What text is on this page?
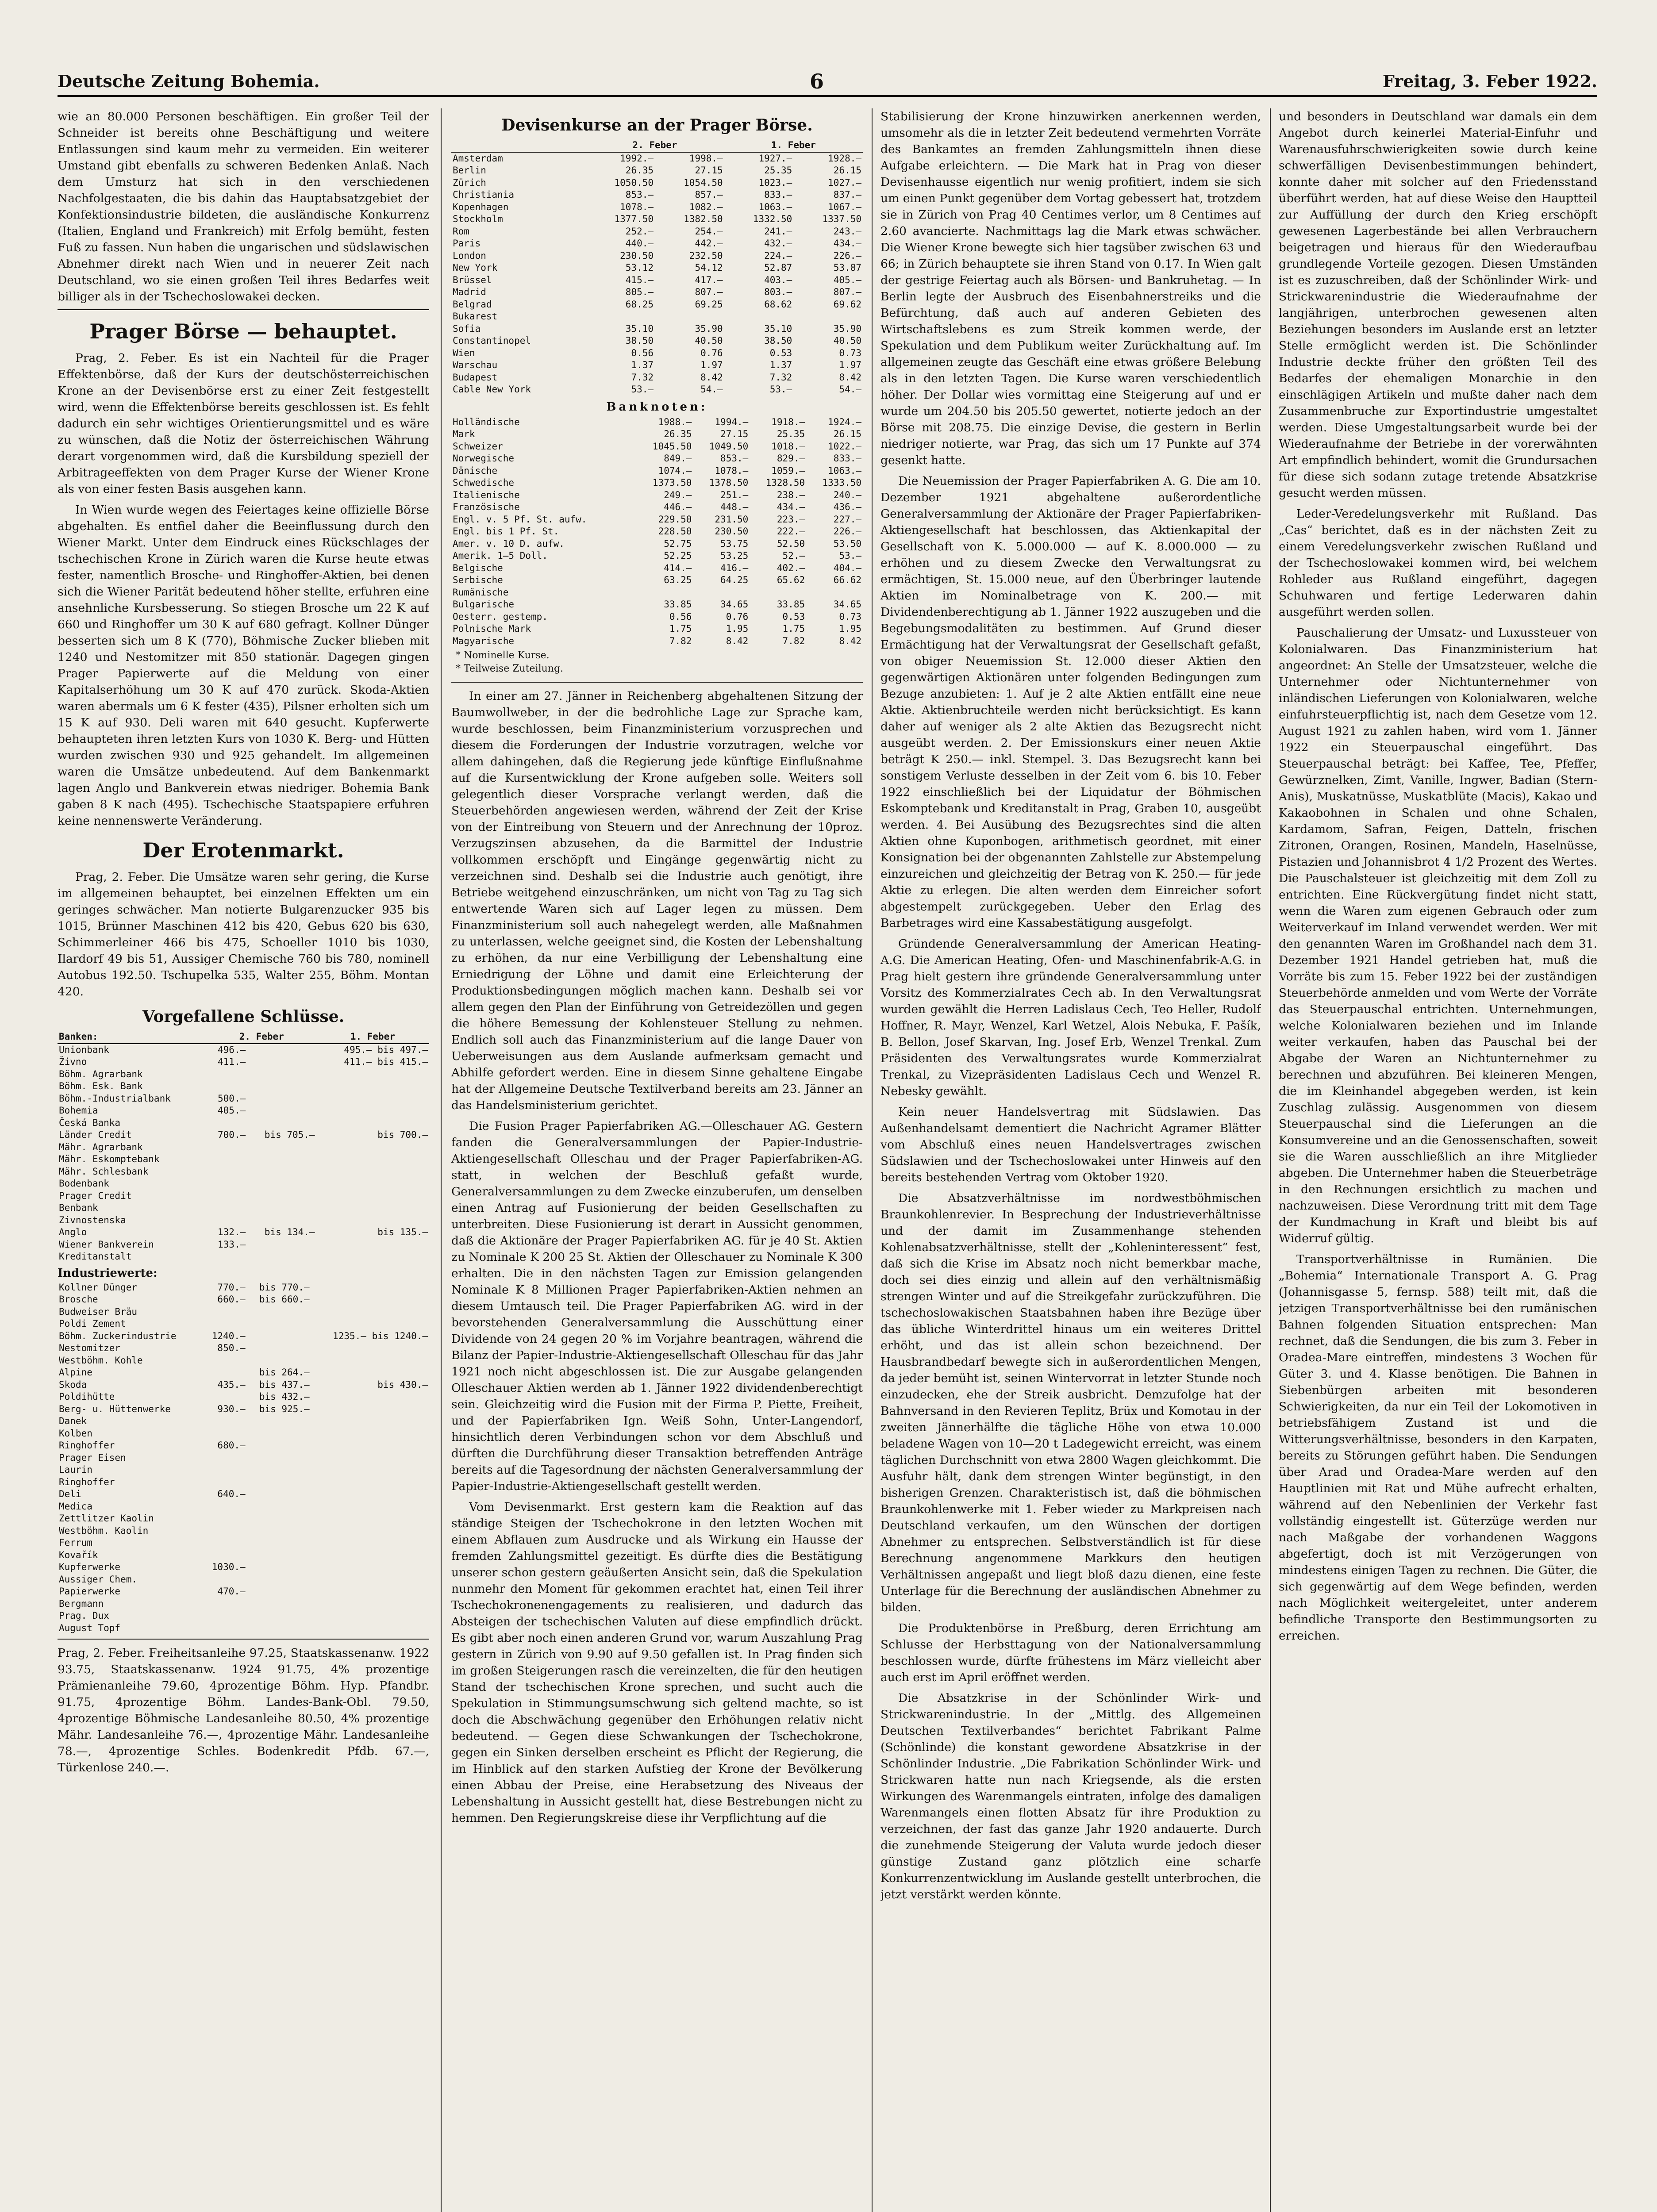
Deutsche Zeitung Bohemia.	6	Freitag, 3. Feber 1922.

wie an 80.000 Personen beschäftigen. Ein großer Teil der Schneider ist bereits ohne Beschäftigung und weitere Entlassungen sind kaum mehr zu vermeiden. Ein weiterer Umstand gibt ebenfalls zu schweren Bedenken Anlaß. Nach dem Umsturz hat sich in den verschiedenen Nachfolgestaaten, die bis dahin das Hauptabsatzgebiet der Konfektionsindustrie bildeten, die ausländische Konkurrenz (Italien, England und Frankreich) mit Erfolg bemüht, festen Fuß zu fassen. Nun haben die ungarischen und südslawischen Abnehmer direkt nach Wien und in neuerer Zeit nach Deutschland, wo sie einen großen Teil ihres Bedarfes weit billiger als in der Tschechoslowakei decken.

Prager Börse — behauptet.

Prag, 2. Feber. Es ist ein Nachteil für die Prager Effektenbörse, daß der Kurs der deutschösterreichischen Krone an der Devisenbörse erst zu einer Zeit festgestellt wird, wenn die Effektenbörse bereits geschlossen ist. Es fehlt dadurch ein sehr wichtiges Orientierungsmittel und es wäre zu wünschen, daß die Notiz der österreichischen Währung derart vorgenommen wird, daß die Kursbildung speziell der Arbitrageeffekten von dem Prager Kurse der Wiener Krone als von einer festen Basis ausgehen kann.

In Wien wurde wegen des Feiertages keine offizielle Börse abgehalten. Es entfiel daher die Beeinflussung durch den Wiener Markt. Unter dem Eindruck eines Rückschlages der tschechischen Krone in Zürich waren die Kurse heute etwas fester, namentlich Brosche- und Ringhoffer-Aktien, bei denen sich die Wiener Parität bedeutend höher stellte, erfuhren eine ansehnliche Kursbesserung. So stiegen Brosche um 22 K auf 660 und Ringhoffer um 30 K auf 680 gefragt. Kollner Dünger besserten sich um 8 K (770), Böhmische Zucker blieben mit 1240 und Nestomitzer mit 850 stationär. Dagegen gingen Prager Papierwerte auf die Meldung von einer Kapitalserhöhung um 30 K auf 470 zurück. Skoda-Aktien waren abermals um 6 K fester (435), Pilsner erholten sich um 15 K auf 930. Deli waren mit 640 gesucht. Kupferwerte behaupteten ihren letzten Kurs von 1030 K. Berg- und Hütten wurden zwischen 930 und 925 gehandelt. Im allgemeinen waren die Umsätze unbedeutend. Auf dem Bankenmarkt lagen Anglo und Bankverein etwas niedriger. Bohemia Bank gaben 8 K nach (495). Tschechische Staatspapiere erfuhren keine nennenswerte Veränderung.

Der Erotenmarkt.

Prag, 2. Feber. Die Umsätze waren sehr gering, die Kurse im allgemeinen behauptet, bei einzelnen Effekten um ein geringes schwächer. Man notierte Bulgarenzucker 935 bis 1015, Brünner Maschinen 412 bis 420, Gebus 620 bis 630, Schimmerleiner 466 bis 475, Schoeller 1010 bis 1030, Ilardorf 49 bis 51, Aussiger Chemische 760 bis 780, nominell Autobus 192.50. Tschupelka 535, Walter 255, Böhm. Montan 420.

Vorgefallene Schlüsse.
Banken:	2. Feber		1. Feber
Unionbank	496.—		495.— bis 497.—
Živno	411.—		411.— bis 415.—
Böhm. Agrarbank			
Böhm. Esk. Bank			
Böhm.-Industrialbank	500.—		
Bohemia	405.—		
Česká Banka			
Länder Credit	700.—	bis 705.—	bis 700.—
Mähr. Agrarbank			
Mähr. Eskomptebank			
Mähr. Schlesbank			
Bodenbank			
Prager Credit			
Benbank			
Zivnostenska			
Anglo	132.—	bis 134.—	bis 135.—
Wiener Bankverein	133.—		
Kreditanstalt			
Industriewerte:
Kollner Dünger	770.—	bis 770.—	
Brosche	660.—	bis 660.—	
Budweiser Bräu			
Poldi Zement			
Böhm. Zuckerindustrie	1240.—		1235.— bis 1240.—
Nestomitzer	850.—		
Westböhm. Kohle			
Alpine		bis 264.—	
Skoda	435.—	bis 437.—	bis 430.—
Poldihütte		bis 432.—	
Berg- u. Hüttenwerke	930.—	bis 925.—	
Danek			
Kolben			
Ringhoffer	680.—		
Prager Eisen			
Laurin			
Ringhoffer			
Deli	640.—		
Medica			
Zettlitzer Kaolin			
Westböhm. Kaolin			
Ferrum			
Kovařík			
Kupferwerke	1030.—		
Aussiger Chem.			
Papierwerke	470.—		
Bergmann			
Prag. Dux			
August Topf			

Prag, 2. Feber. Freiheitsanleihe 97.25, Staatskassenanw. 1922 93.75, Staatskassenanw. 1924 91.75, 4% prozentige Prämienanleihe 79.60, 4prozentige Böhm. Hyp. Pfandbr. 91.75, 4prozentige Böhm. Landes-Bank-Obl. 79.50, 4prozentige Böhmische Landesanleihe 80.50, 4% prozentige Mähr. Landesanleihe 76.—, 4prozentige Mähr. Landesanleihe 78.—, 4prozentige Schles. Bodenkredit Pfdb. 67.—, Türkenlose 240.—.

Devisenkurse an der Prager Börse.
	2. Feber		1. Feber	
Amsterdam	1992.—	1998.—	1927.—	1928.—
Berlin	26.35	27.15	25.35	26.15
Zürich	1050.50	1054.50	1023.—	1027.—
Christiania	853.—	857.—	833.—	837.—
Kopenhagen	1078.—	1082.—	1063.—	1067.—
Stockholm	1377.50	1382.50	1332.50	1337.50
Rom	252.—	254.—	241.—	243.—
Paris	440.—	442.—	432.—	434.—
London	230.50	232.50	224.—	226.—
New York	53.12	54.12	52.87	53.87
Brüssel	415.—	417.—	403.—	405.—
Madrid	805.—	807.—	803.—	807.—
Belgrad	68.25	69.25	68.62	69.62
Bukarest				
Sofia	35.10	35.90	35.10	35.90
Constantinopel	38.50	40.50	38.50	40.50
Wien	0.56	0.76	0.53	0.73
Warschau	1.37	1.97	1.37	1.97
Budapest	7.32	8.42	7.32	8.42
Cable New York	53.—	54.—	53.—	54.—
Banknoten:
Holländische	1988.—	1994.—	1918.—	1924.—
Mark	26.35	27.15	25.35	26.15
Schweizer	1045.50	1049.50	1018.—	1022.—
Norwegische	849.—	853.—	829.—	833.—
Dänische	1074.—	1078.—	1059.—	1063.—
Schwedische	1373.50	1378.50	1328.50	1333.50
Italienische	249.—	251.—	238.—	240.—
Französische	446.—	448.—	434.—	436.—
Engl. v. 5 Pf. St. aufw.	229.50	231.50	223.—	227.—
Engl. bis 1 Pf. St.	228.50	230.50	222.—	226.—
Amer. v. 10 D. aufw.	52.75	53.75	52.50	53.50
Amerik. 1—5 Doll.	52.25	53.25	52.—	53.—
Belgische	414.—	416.—	402.—	404.—
Serbische	63.25	64.25	65.62	66.62
Rumänische				
Bulgarische	33.85	34.65	33.85	34.65
Oesterr. gestemp.	0.56	0.76	0.53	0.73
Polnische Mark	1.75	1.95	1.75	1.95
Magyarische	7.82	8.42	7.82	8.42
* Nominelle Kurse.
* Teilweise Zuteilung.

In einer am 27. Jänner in Reichenberg abgehaltenen Sitzung der Baumwollweber, in der die bedrohliche Lage zur Sprache kam, wurde beschlossen, beim Finanzministerium vorzusprechen und diesem die Forderungen der Industrie vorzutragen, welche vor allem dahingehen, daß die Regierung jede künftige Einflußnahme auf die Kursentwicklung der Krone aufgeben solle. Weiters soll gelegentlich dieser Vorsprache verlangt werden, daß die Steuerbehörden angewiesen werden, während der Zeit der Krise von der Eintreibung von Steuern und der Anrechnung der 10proz. Verzugszinsen abzusehen, da die Barmittel der Industrie vollkommen erschöpft und Eingänge gegenwärtig nicht zu verzeichnen sind. Deshalb sei die Industrie auch genötigt, ihre Betriebe weitgehend einzuschränken, um nicht von Tag zu Tag sich entwertende Waren sich auf Lager legen zu müssen. Dem Finanzministerium soll auch nahegelegt werden, alle Maßnahmen zu unterlassen, welche geeignet sind, die Kosten der Lebenshaltung zu erhöhen, da nur eine Verbilligung der Lebenshaltung eine Erniedrigung der Löhne und damit eine Erleichterung der Produktionsbedingungen möglich machen kann. Deshalb sei vor allem gegen den Plan der Einführung von Getreidezöllen und gegen die höhere Bemessung der Kohlensteuer Stellung zu nehmen. Endlich soll auch das Finanzministerium auf die lange Dauer von Ueberweisungen aus dem Auslande aufmerksam gemacht und Abhilfe gefordert werden. Eine in diesem Sinne gehaltene Eingabe hat der Allgemeine Deutsche Textilverband bereits am 23. Jänner an das Handelsministerium gerichtet.

Die Fusion Prager Papierfabriken AG.—Olleschauer AG. Gestern fanden die Generalversammlungen der Papier-Industrie-Aktiengesellschaft Olleschau und der Prager Papierfabriken-AG. statt, in welchen der Beschluß gefaßt wurde, Generalversammlungen zu dem Zwecke einzuberufen, um denselben einen Antrag auf Fusionierung der beiden Gesellschaften zu unterbreiten. Diese Fusionierung ist derart in Aussicht genommen, daß die Aktionäre der Prager Papierfabriken AG. für je 40 St. Aktien zu Nominale K 200 25 St. Aktien der Olleschauer zu Nominale K 300 erhalten. Die in den nächsten Tagen zur Emission gelangenden Nominale K 8 Millionen Prager Papierfabriken-Aktien nehmen an diesem Umtausch teil. Die Prager Papierfabriken AG. wird in der bevorstehenden Generalversammlung die Ausschüttung einer Dividende von 24 gegen 20 % im Vorjahre beantragen, während die Bilanz der Papier-Industrie-Aktiengesellschaft Olleschau für das Jahr 1921 noch nicht abgeschlossen ist. Die zur Ausgabe gelangenden Olleschauer Aktien werden ab 1. Jänner 1922 dividendenberechtigt sein. Gleichzeitig wird die Fusion mit der Firma P. Piette, Freiheit, und der Papierfabriken Ign. Weiß Sohn, Unter-Langendorf, hinsichtlich deren Verbindungen schon vor dem Abschluß und dürften die Durchführung dieser Transaktion betreffenden Anträge bereits auf die Tagesordnung der nächsten Generalversammlung der Papier-Industrie-Aktiengesellschaft gestellt werden.

Vom Devisenmarkt. Erst gestern kam die Reaktion auf das ständige Steigen der Tschechokrone in den letzten Wochen mit einem Abflauen zum Ausdrucke und als Wirkung ein Hausse der fremden Zahlungsmittel gezeitigt. Es dürfte dies die Bestätigung unserer schon gestern geäußerten Ansicht sein, daß die Spekulation nunmehr den Moment für gekommen erachtet hat, einen Teil ihrer Tschechokronenengagements zu realisieren, und dadurch das Absteigen der tschechischen Valuten auf diese empfindlich drückt. Es gibt aber noch einen anderen Grund vor, warum Auszahlung Prag gestern in Zürich von 9.90 auf 9.50 gefallen ist. In Prag finden sich im großen Steigerungen rasch die vereinzelten, die für den heutigen Stand der tschechischen Krone sprechen, und sucht auch die Spekulation in Stimmungsumschwung sich geltend machte, so ist doch die Abschwächung gegenüber den Erhöhungen relativ nicht bedeutend. — Gegen diese Schwankungen der Tschechokrone, gegen ein Sinken derselben erscheint es Pflicht der Regierung, die im Hinblick auf den starken Aufstieg der Krone der Bevölkerung einen Abbau der Preise, eine Herabsetzung des Niveaus der Lebenshaltung in Aussicht gestellt hat, diese Bestrebungen nicht zu hemmen. Den Regierungskreise diese ihr Verpflichtung auf die

Stabilisierung der Krone hinzuwirken anerkennen werden, umsomehr als die in letzter Zeit bedeutend vermehrten Vorräte des Bankamtes an fremden Zahlungsmitteln ihnen diese Aufgabe erleichtern. — Die Mark hat in Prag von dieser Devisenhausse eigentlich nur wenig profitiert, indem sie sich um einen Punkt gegenüber dem Vortag gebessert hat, trotzdem sie in Zürich von Prag 40 Centimes verlor, um 8 Centimes auf 2.60 avancierte. Nachmittags lag die Mark etwas schwächer. Die Wiener Krone bewegte sich hier tagsüber zwischen 63 und 66; in Zürich behauptete sie ihren Stand von 0.17. In Wien galt der gestrige Feiertag auch als Börsen- und Bankruhetag. — In Berlin legte der Ausbruch des Eisenbahnerstreiks und die Befürchtung, daß auch auf anderen Gebieten des Wirtschaftslebens es zum Streik kommen werde, der Spekulation und dem Publikum weiter Zurückhaltung auf. Im allgemeinen zeugte das Geschäft eine etwas größere Belebung als in den letzten Tagen. Die Kurse waren verschiedentlich höher. Der Dollar wies vormittag eine Steigerung auf und er wurde um 204.50 bis 205.50 gewertet, notierte jedoch an der Börse mit 208.75. Die einzige Devise, die gestern in Berlin niedriger notierte, war Prag, das sich um 17 Punkte auf 374 gesenkt hatte.

Die Neuemission der Prager Papierfabriken A. G. Die am 10. Dezember 1921 abgehaltene außerordentliche Generalversammlung der Aktionäre der Prager Papierfabriken-Aktiengesellschaft hat beschlossen, das Aktienkapital der Gesellschaft von K. 5.000.000 — auf K. 8.000.000 — zu erhöhen und zu diesem Zwecke den Verwaltungsrat zu ermächtigen, St. 15.000 neue, auf den Überbringer lautende Aktien im Nominalbetrage von K. 200.— mit Dividendenberechtigung ab 1. Jänner 1922 auszugeben und die Begebungsmodalitäten zu bestimmen. Auf Grund dieser Ermächtigung hat der Verwaltungsrat der Gesellschaft gefaßt, von obiger Neuemission St. 12.000 dieser Aktien den gegenwärtigen Aktionären unter folgenden Bedingungen zum Bezuge anzubieten: 1. Auf je 2 alte Aktien entfällt eine neue Aktie. Aktienbruchteile werden nicht berücksichtigt. Es kann daher auf weniger als 2 alte Aktien das Bezugsrecht nicht ausgeübt werden. 2. Der Emissionskurs einer neuen Aktie beträgt K 250.— inkl. Stempel. 3. Das Bezugsrecht kann bei sonstigem Verluste desselben in der Zeit vom 6. bis 10. Feber 1922 einschließlich bei der Liquidatur der Böhmischen Eskomptebank und Kreditanstalt in Prag, Graben 10, ausgeübt werden. 4. Bei Ausübung des Bezugsrechtes sind die alten Aktien ohne Kuponbogen, arithmetisch geordnet, mit einer Konsignation bei der obgenannten Zahlstelle zur Abstempelung einzureichen und gleichzeitig der Betrag von K. 250.— für jede Aktie zu erlegen. Die alten werden dem Einreicher sofort abgestempelt zurückgegeben. Ueber den Erlag des Barbetrages wird eine Kassabestätigung ausgefolgt.

Gründende Generalversammlung der American Heating-A.G. Die American Heating, Ofen- und Maschinenfabrik-A.G. in Prag hielt gestern ihre gründende Generalversammlung unter Vorsitz des Kommerzialrates Cech ab. In den Verwaltungsrat wurden gewählt die Herren Ladislaus Cech, Teo Heller, Rudolf Hoffner, R. Mayr, Wenzel, Karl Wetzel, Alois Nebuka, F. Pašík, B. Bellon, Josef Skarvan, Ing. Josef Erb, Wenzel Trenkal. Zum Präsidenten des Verwaltungsrates wurde Kommerzialrat Trenkal, zu Vizepräsidenten Ladislaus Cech und Wenzel R. Nebesky gewählt.

Kein neuer Handelsvertrag mit Südslawien. Das Außenhandelsamt dementiert die Nachricht Agramer Blätter vom Abschluß eines neuen Handelsvertrages zwischen Südslawien und der Tschechoslowakei unter Hinweis auf den bereits bestehenden Vertrag vom Oktober 1920.

Die Absatzverhältnisse im nordwestböhmischen Braunkohlenrevier. In Besprechung der Industrieverhältnisse und der damit im Zusammenhange stehenden Kohlenabsatzverhältnisse, stellt der „Kohleninteressent“ fest, daß sich die Krise im Absatz noch nicht bemerkbar mache, doch sei dies einzig und allein auf den verhältnismäßig strengen Winter und auf die Streikgefahr zurückzuführen. Die tschechoslowakischen Staatsbahnen haben ihre Bezüge über das übliche Winterdrittel hinaus um ein weiteres Drittel erhöht, und das ist allein schon bezeichnend. Der Hausbrandbedarf bewegte sich in außerordentlichen Mengen, da jeder bemüht ist, seinen Wintervorrat in letzter Stunde noch einzudecken, ehe der Streik ausbricht. Demzufolge hat der Bahnversand in den Revieren Teplitz, Brüx und Komotau in der zweiten Jännerhälfte die tägliche Höhe von etwa 10.000 beladene Wagen von 10—20 t Ladegewicht erreicht, was einem täglichen Durchschnitt von etwa 2800 Wagen gleichkommt. Die Ausfuhr hält, dank dem strengen Winter begünstigt, in den bisherigen Grenzen. Charakteristisch ist, daß die böhmischen Braunkohlenwerke mit 1. Feber wieder zu Markpreisen nach Deutschland verkaufen, um den Wünschen der dortigen Abnehmer zu entsprechen. Selbstverständlich ist für diese Berechnung angenommene Markkurs den heutigen Verhältnissen angepaßt und liegt bloß dazu dienen, eine feste Unterlage für die Berechnung der ausländischen Abnehmer zu bilden.

Die Produktenbörse in Preßburg, deren Errichtung am Schlusse der Herbsttagung von der Nationalversammlung beschlossen wurde, dürfte frühestens im März vielleicht aber auch erst im April eröffnet werden.

Die Absatzkrise in der Schönlinder Wirk- und Strickwarenindustrie. In der „Mittlg. des Allgemeinen Deutschen Textilverbandes“ berichtet Fabrikant Palme (Schönlinde) die konstant gewordene Absatzkrise in der Schönlinder Industrie. „Die Fabrikation Schönlinder Wirk- und Strickwaren hatte nun nach Kriegsende, als die ersten Wirkungen des Warenmangels eintraten, infolge des damaligen Warenmangels einen flotten Absatz für ihre Produktion zu verzeichnen, der fast das ganze Jahr 1920 andauerte. Durch die zunehmende Steigerung der Valuta wurde jedoch dieser günstige Zustand ganz plötzlich eine scharfe Konkurrenzentwicklung im Auslande gestellt unterbrochen, die jetzt verstärkt werden könnte.

und besonders in Deutschland war damals ein dem Angebot durch keinerlei Material-Einfuhr und Warenausfuhrschwierigkeiten sowie durch keine schwerfälligen Devisenbestimmungen behindert, konnte daher mit solcher auf den Friedensstand überführt werden, hat auf diese Weise den Hauptteil zur Auffüllung der durch den Krieg erschöpft gewesenen Lagerbestände bei allen Verbrauchern beigetragen und hieraus für den Wiederaufbau grundlegende Vorteile gezogen. Diesen Umständen ist es zuzuschreiben, daß der Schönlinder Wirk- und Strickwarenindustrie die Wiederaufnahme der langjährigen, unterbrochen gewesenen alten Beziehungen besonders im Auslande erst an letzter Stelle ermöglicht werden ist. Die Schönlinder Industrie deckte früher den größten Teil des Bedarfes der ehemaligen Monarchie in den einschlägigen Artikeln und mußte daher nach dem Zusammenbruche zur Exportindustrie umgestaltet werden. Diese Umgestaltungsarbeit wurde bei der Wiederaufnahme der Betriebe in der vorerwähnten Art empfindlich behindert, womit die Grundursachen für diese sich sodann zutage tretende Absatzkrise gesucht werden müssen.

Leder-Veredelungsverkehr mit Rußland. Das „Cas“ berichtet, daß es in der nächsten Zeit zu einem Veredelungsverkehr zwischen Rußland und der Tschechoslowakei kommen wird, bei welchem Rohleder aus Rußland eingeführt, dagegen Schuhwaren und fertige Lederwaren dahin ausgeführt werden sollen.

Pauschalierung der Umsatz- und Luxussteuer von Kolonialwaren. Das Finanzministerium hat angeordnet: An Stelle der Umsatzsteuer, welche die Unternehmer oder Nichtunternehmer von inländischen Lieferungen von Kolonialwaren, welche einfuhrsteuerpflichtig ist, nach dem Gesetze vom 12. August 1921 zu zahlen haben, wird vom 1. Jänner 1922 ein Steuerpauschal eingeführt. Das Steuerpauschal beträgt: bei Kaffee, Tee, Pfeffer, Gewürznelken, Zimt, Vanille, Ingwer, Badian (Stern-Anis), Muskatnüsse, Muskatblüte (Macis), Kakao und Kakaobohnen in Schalen und ohne Schalen, Kardamom, Safran, Feigen, Datteln, frischen Zitronen, Orangen, Rosinen, Mandeln, Haselnüsse, Pistazien und Johannisbrot 4 1/2 Prozent des Wertes. Die Pauschalsteuer ist gleichzeitig mit dem Zoll zu entrichten. Eine Rückvergütung findet nicht statt, wenn die Waren zum eigenen Gebrauch oder zum Weiterverkauf im Inland verwendet werden. Wer mit den genannten Waren im Großhandel nach dem 31. Dezember 1921 Handel getrieben hat, muß die Vorräte bis zum 15. Feber 1922 bei der zuständigen Steuerbehörde anmelden und vom Werte der Vorräte das Steuerpauschal entrichten. Unternehmungen, welche Kolonialwaren beziehen und im Inlande weiter verkaufen, haben das Pauschal bei der Abgabe der Waren an Nichtunternehmer zu berechnen und abzuführen. Bei kleineren Mengen, die im Kleinhandel abgegeben werden, ist kein Zuschlag zulässig. Ausgenommen von diesem Steuerpauschal sind die Lieferungen an die Konsumvereine und an die Genossenschaften, soweit sie die Waren ausschließlich an ihre Mitglieder abgeben. Die Unternehmer haben die Steuerbeträge in den Rechnungen ersichtlich zu machen und nachzuweisen. Diese Verordnung tritt mit dem Tage der Kundmachung in Kraft und bleibt bis auf Widerruf gültig.

Transportverhältnisse in Rumänien. Die „Bohemia“ Internationale Transport A. G. Prag (Johannisgasse 5, fernsp. 588) teilt mit, daß die jetzigen Transportverhältnisse bei den rumänischen Bahnen folgenden Situation entsprechen: Man rechnet, daß die Sendungen, die bis zum 3. Feber in Oradea-Mare eintreffen, mindestens 3 Wochen für Güter 3. und 4. Klasse benötigen. Die Bahnen in Siebenbürgen arbeiten mit besonderen Schwierigkeiten, da nur ein Teil der Lokomotiven in betriebsfähigem Zustand ist und die Witterungsverhältnisse, besonders in den Karpaten, bereits zu Störungen geführt haben. Die Sendungen über Arad und Oradea-Mare werden auf den Hauptlinien mit Rat und Mühe aufrecht erhalten, während auf den Nebenlinien der Verkehr fast vollständig eingestellt ist. Güterzüge werden nur nach Maßgabe der vorhandenen Waggons abgefertigt, doch ist mit Verzögerungen von mindestens einigen Tagen zu rechnen. Die Güter, die sich gegenwärtig auf dem Wege befinden, werden nach Möglichkeit weitergeleitet, unter anderem befindliche Transporte den Bestimmungsorten zu erreichen.
